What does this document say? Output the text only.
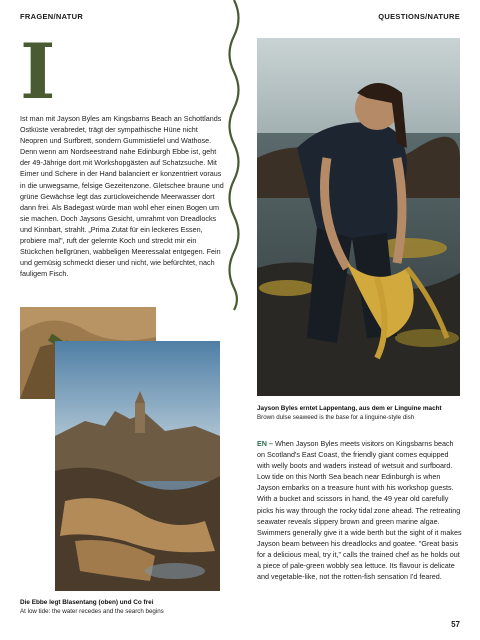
FRAGEN/NATUR	QUESTIONS/NATURE
I

Ist man mit Jayson Byles am Kingsbarns Beach an Schottlands Ostküste verabredet, trägt der sympathische Hüne nicht Neopren und Surfbrett, sondern Gummistiefel und Wathose. Denn wenn am Nordseestrand nahe Edinburgh Ebbe ist, geht der 49-Jährige dort mit Workshopgästen auf Schatzsuche. Mit Eimer und Schere in der Hand balanciert er konzentriert voraus in die unwegsame, felsige Gezeitenzone. Gletschee braune und grüne Gewächse legt das zurückweichende Meerwasser dort dann frei. Als Badegast würde man wohl eher einen Bogen um sie machen. Doch Jaysons Gesicht, umrahmt von Dreadlocks und Kinnbart, strahlt. „Prima Zutat für ein leckeres Essen, probiere mal", ruft der gelernte Koch und streckt mir ein Stückchen hellgrünen, wabbeligen Meeressalat entgegen. Fein und gemüsig schmeckt dieser und nicht, wie befürchtet, nach fauligem Fisch.

Jayson Byles erntet Lappentang, aus dem er Linguine macht
Brown dulse seaweed is the base for a linguine-style dish

EN – When Jayson Byles meets visitors on Kingsbarns beach on Scotland's East Coast, the friendly giant comes equipped with welly boots and waders instead of wetsuit and surfboard. Low tide on this North Sea beach near Edinburgh is when Jayson embarks on a treasure hunt with his workshop guests. With a bucket and scissors in hand, the 49 year old carefully picks his way through the rocky tidal zone ahead. The retreating seawater reveals slippery brown and green marine algae. Swimmers generally give it a wide berth but the sight of it makes Jayson beam between his dreadlocks and goatee. "Great basis for a delicious meal, try it," calls the trained chef as he holds out a piece of pale-green wobbly sea lettuce. Its flavour is delicate and vegetable-like, not the rotten-fish sensation I'd feared.

Die Ebbe legt Blasentang (oben) und Co frei
At low tide: the water recedes and the search begins
57
